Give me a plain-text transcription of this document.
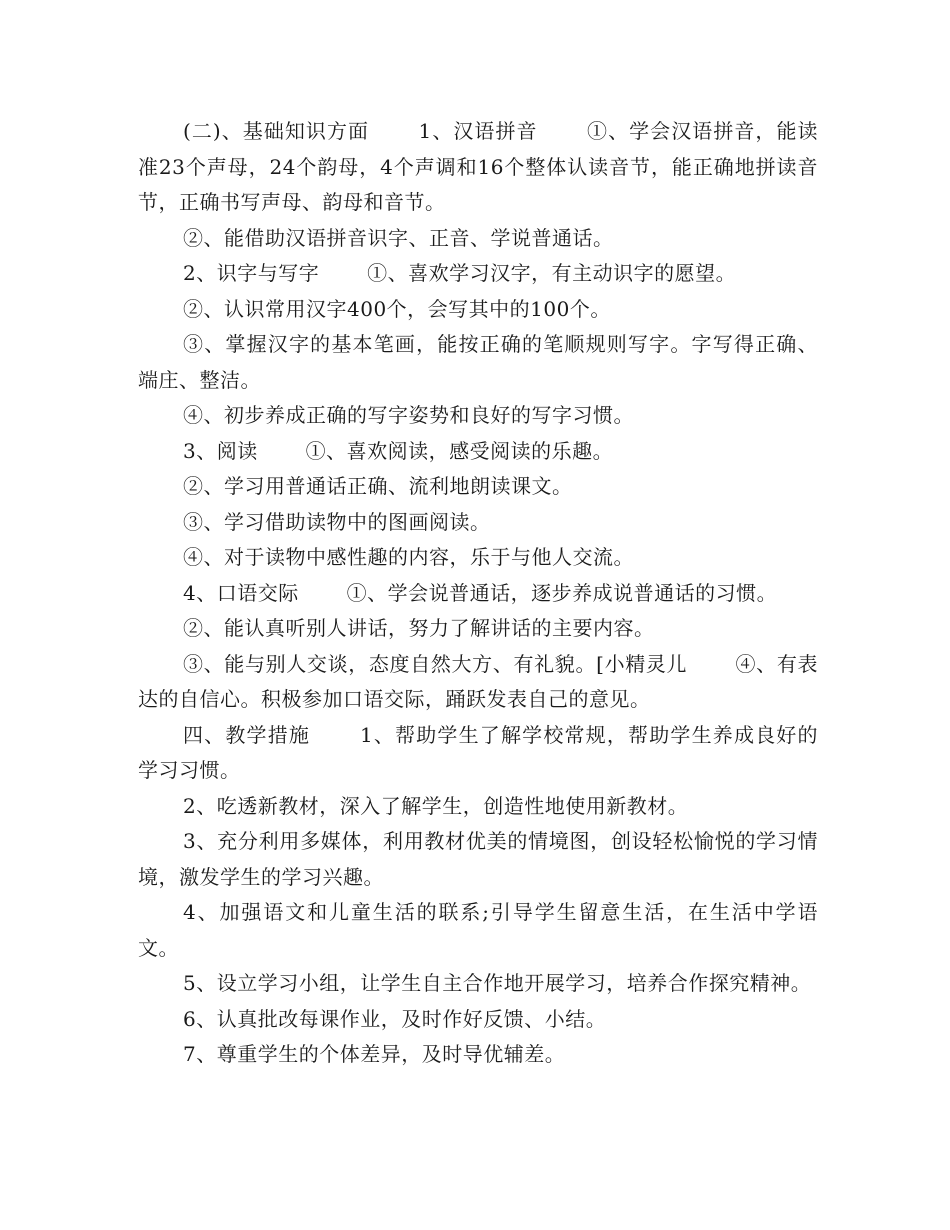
(二)、基础知识方面　　 1、汉语拼音　　 ①、学会汉语拼音，能读准23个声母，24个韵母，4个声调和16个整体认读音节，能正确地拼读音节，正确书写声母、韵母和音节。

②、能借助汉语拼音识字、正音、学说普通话。

2、识字与写字　　 ①、喜欢学习汉字，有主动识字的愿望。

②、认识常用汉字400个，会写其中的100个。

③、掌握汉字的基本笔画，能按正确的笔顺规则写字。字写得正确、端庄、整洁。

④、初步养成正确的写字姿势和良好的写字习惯。

3、阅读　　 ①、喜欢阅读，感受阅读的乐趣。

②、学习用普通话正确、流利地朗读课文。

③、学习借助读物中的图画阅读。

④、对于读物中感性趣的内容，乐于与他人交流。

4、口语交际　　 ①、学会说普通话，逐步养成说普通话的习惯。

②、能认真听别人讲话，努力了解讲话的主要内容。

③、能与别人交谈，态度自然大方、有礼貌。[小精灵儿　　 ④、有表达的自信心。积极参加口语交际，踊跃发表自己的意见。

四、教学措施　　 1、帮助学生了解学校常规，帮助学生养成良好的学习习惯。

2、吃透新教材，深入了解学生，创造性地使用新教材。

3、充分利用多媒体，利用教材优美的情境图，创设轻松愉悦的学习情境，激发学生的学习兴趣。

4、加强语文和儿童生活的联系;引导学生留意生活，在生活中学语文。

5、设立学习小组，让学生自主合作地开展学习，培养合作探究精神。

6、认真批改每课作业，及时作好反馈、小结。

7、尊重学生的个体差异，及时导优辅差。
